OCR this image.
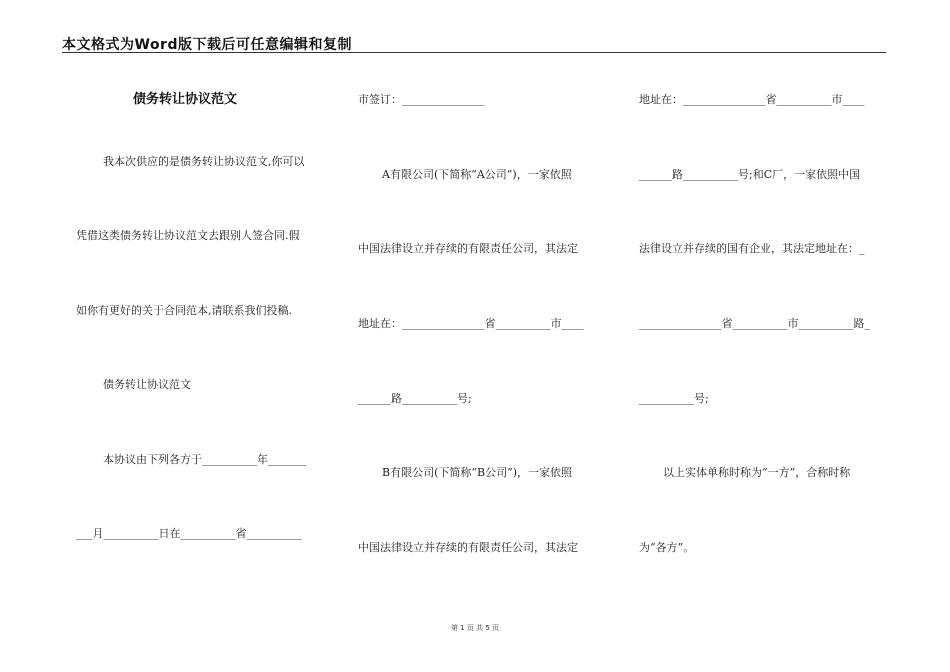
本文格式为Word版下载后可任意编辑和复制
债务转让协议范文
我本次供应的是债务转让协议范文,你可以
凭借这类债务转让协议范文去跟别人签合同.假
如你有更好的关于合同范本,请联系我们投稿.
债务转让协议范文
本协议由下列各方于__________年_______
___月__________日在__________省__________
市签订：_______________
A有限公司(下简称“A公司”)，一家依照
中国法律设立并存续的有限责任公司，其法定
地址在：_______________省__________市____
______路__________号;
B有限公司(下简称“B公司”)，一家依照
中国法律设立并存续的有限责任公司，其法定
地址在：_______________省__________市____
______路__________号;和C厂，一家依照中国
法律设立并存续的国有企业，其法定地址在：_
_______________省__________市__________路_
__________号;
以上实体单称时称为“一方”，合称时称
为“各方”。
第 1 页 共 5 页
